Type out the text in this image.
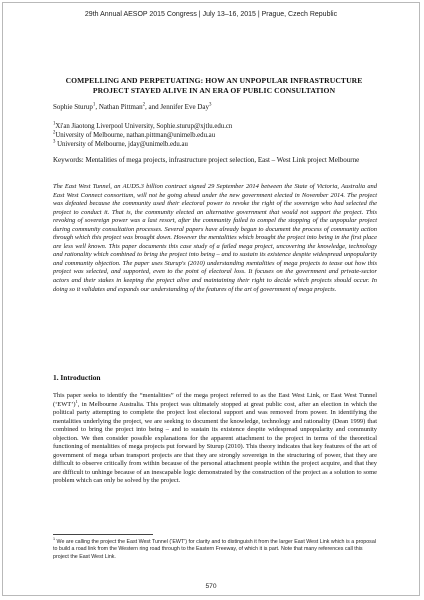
29th Annual AESOP 2015 Congress | July 13–16, 2015 | Prague, Czech Republic
COMPELLING AND PERPETUATING: HOW AN UNPOPULAR INFRASTRUCTURE
PROJECT STAYED ALIVE IN AN ERA OF PUBLIC CONSULTATION
Sophie Sturup$^1$, Nathan Pittman$^2$, and Jennifer Eve Day$^3$
$^1$Xi'an Jiaotong Liverpool University, Sophie.sturup@xjtlu.edu.cn
$^2$University of Melbourne, nathan.pittman@unimelb.edu.au
$^3$ University of Melbourne, jday@unimelb.edu.au
Keywords: Mentalities of mega projects, infrastructure project selection, East – West Link project Melbourne
The East West Tunnel, an AUD5.3 billion contract signed 29 September 2014 between the State of Victoria, Australia and East West Connect consortium, will not be going ahead under the new government elected in November 2014. The project was defeated because the community used their electoral power to revoke the right of the sovereign who had selected the project to conduct it. That is, the community elected an alternative government that would not support the project. This revoking of sovereign power was a last resort, after the community failed to compel the stopping of the unpopular project during community consultation processes. Several papers have already begun to document the process of community action through which this project was brought down. However the mentalities which brought the project into being in the first place are less well known. This paper documents this case study of a failed mega project, uncovering the knowledge, technology and rationality which combined to bring the project into being – and to sustain its existence despite widespread unpopularity and community objection. The paper uses Sturup's (2010) understanding mentalities of mega projects to tease out how this project was selected, and supported, even to the point of electoral loss. It focuses on the government and private-sector actors and their stakes in keeping the project alive and maintaining their right to decide which projects should occur. In doing so it validates and expands our understanding of the features of the art of government of mega projects.
1. Introduction
This paper seeks to identify the “mentalities” of the mega project referred to as the East West Link, or East West Tunnel (‘EWT’)$^1$, in Melbourne Australia. This project was ultimately stopped at great public cost, after an election in which the political party attempting to complete the project lost electoral support and was removed from power. In identifying the mentalities underlying the project, we are seeking to document the knowledge, technology and rationality (Dean 1999) that combined to bring the project into being – and to sustain its existence despite widespread unpopularity and community objection. We then consider possible explanations for the apparent attachment to the project in terms of the theoretical functioning of mentalities of mega projects put forward by Sturup (2010). This theory indicates that key features of the art of government of mega urban transport projects are that they are strongly sovereign in the structuring of power, that they are difficult to observe critically from within because of the personal attachment people within the project acquire, and that they are difficult to unhinge because of an inescapable logic demonstrated by the construction of the project as a solution to some problem which can only be solved by the project.
$^1$ We are calling the project the East West Tunnel (‘EWT’) for clarity and to distinguish it from the larger East West Link which is a proposal to build a road link from the Western ring road through to the Eastern Freeway, of which it is part. Note that many references call this project the East West Link.
570
